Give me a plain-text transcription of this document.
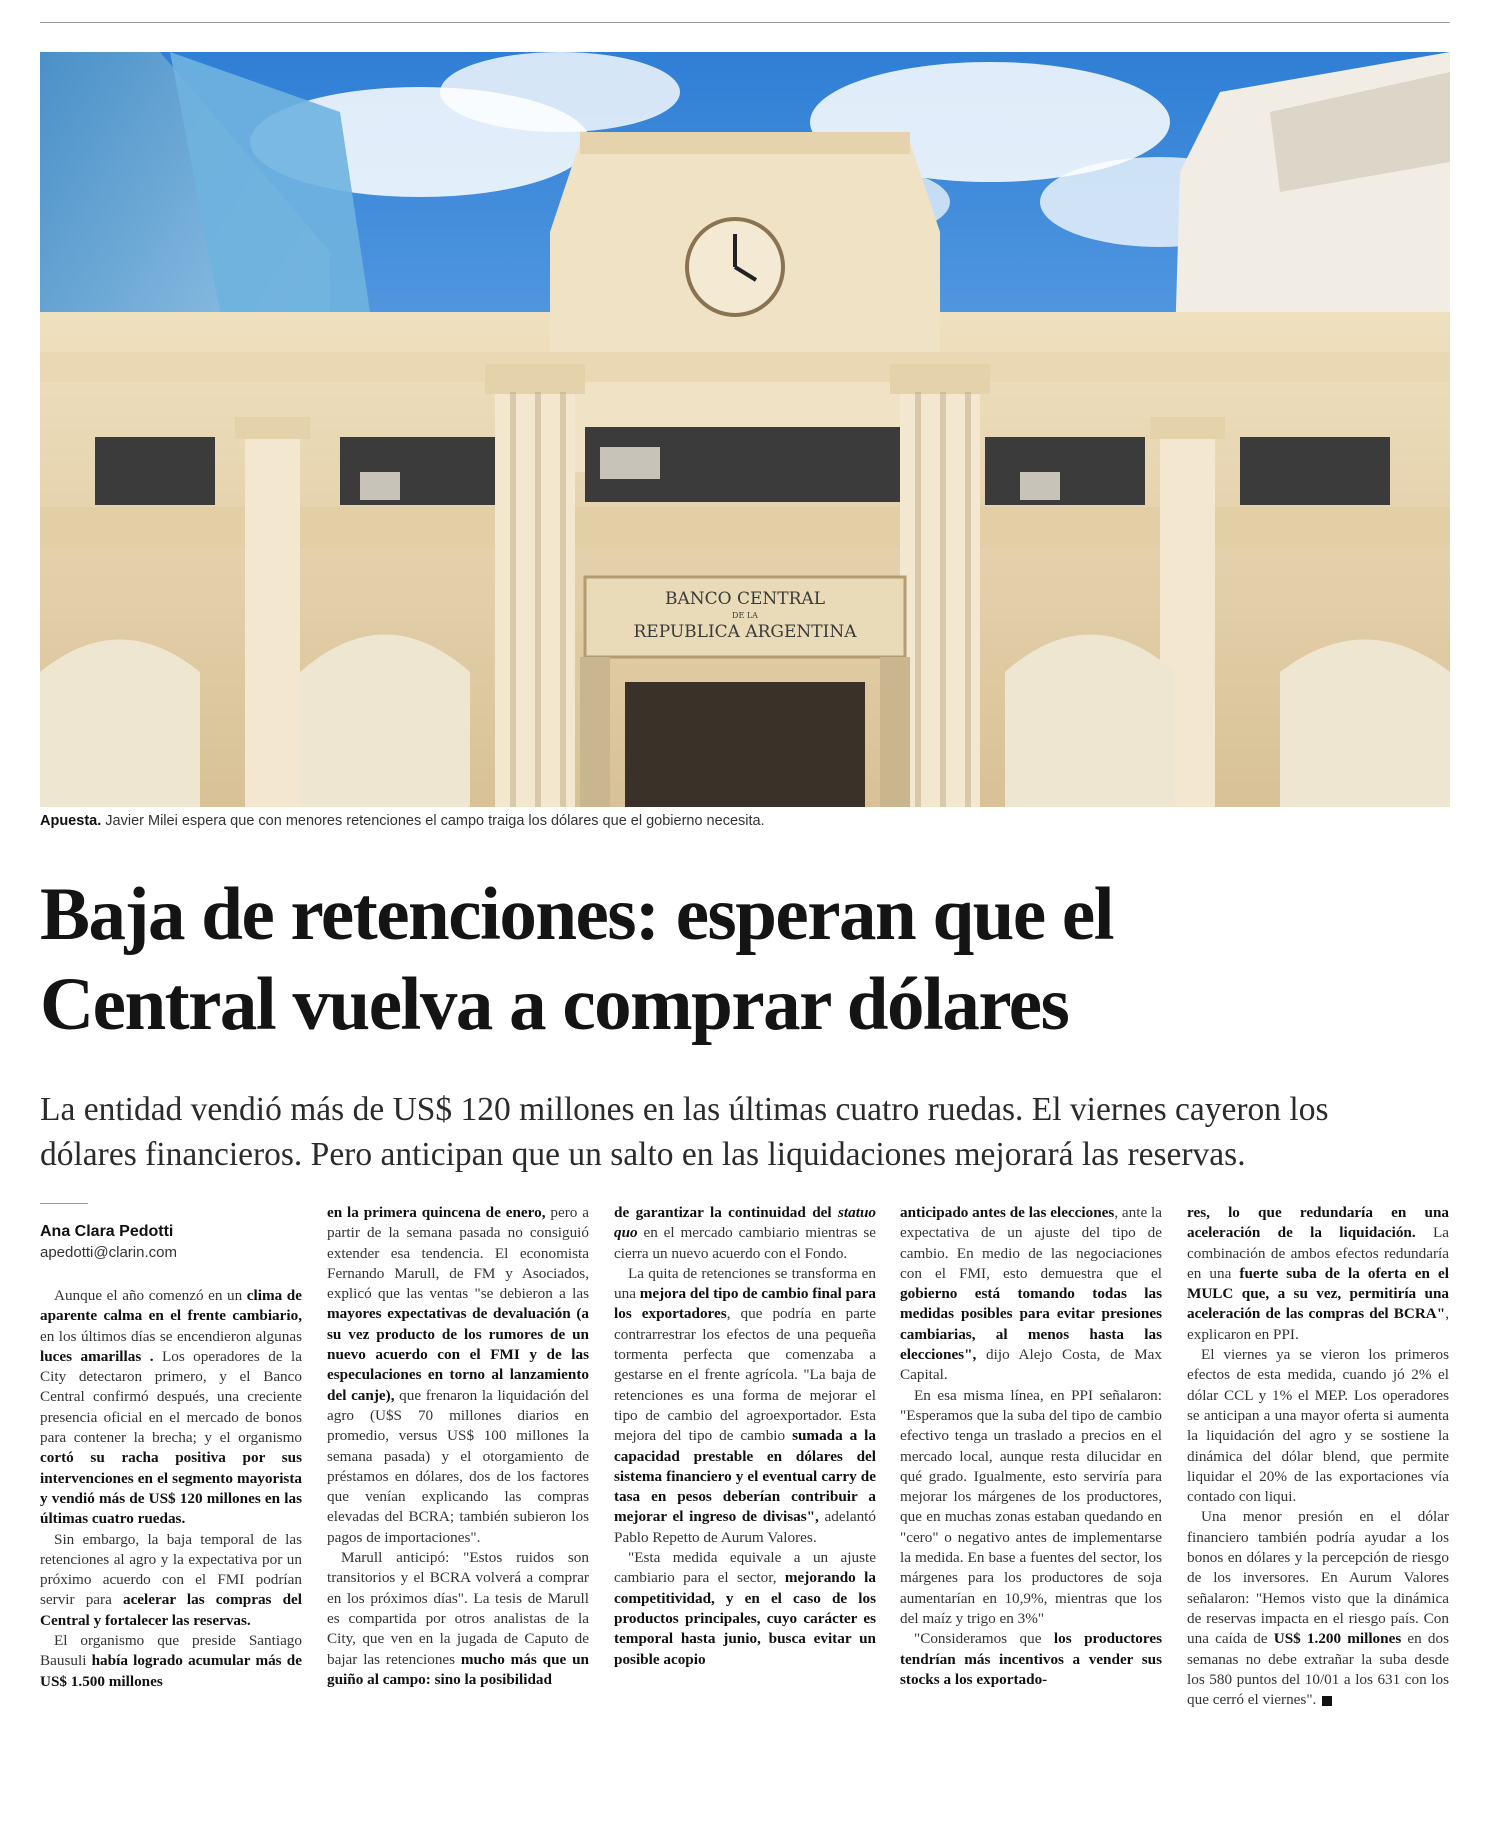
BANCO CENTRAL
DE LA
REPUBLICA ARGENTINA
Apuesta. Javier Milei espera que con menores retenciones el campo traiga los dólares que el gobierno necesita.
Baja de retenciones: esperan que el
Central vuelva a comprar dólares
La entidad vendió más de US$ 120 millones en las últimas cuatro ruedas. El viernes cayeron los
dólares financieros. Pero anticipan que un salto en las liquidaciones mejorará las reservas.
Ana Clara Pedotti
apedotti@clarin.com

Aunque el año comenzó en un clima de aparente calma en el frente cambiario, en los últimos días se encendieron algunas luces amarillas . Los operadores de la City detectaron primero, y el Banco Central confirmó después, una creciente presencia oficial en el mercado de bonos para contener la brecha; y el organismo cortó su racha positiva por sus intervenciones en el segmento mayorista y vendió más de US$ 120 millones en las últimas cuatro ruedas.

Sin embargo, la baja temporal de las retenciones al agro y la expectativa por un próximo acuerdo con el FMI podrían servir para acelerar las compras del Central y fortalecer las reservas.

El organismo que preside Santiago Bausuli había logrado acumular más de US$ 1.500 millones

en la primera quincena de enero, pero a partir de la semana pasada no consiguió extender esa tendencia. El economista Fernando Marull, de FM y Asociados, explicó que las ventas "se debieron a las mayores expectativas de devaluación (a su vez producto de los rumores de un nuevo acuerdo con el FMI y de las especulaciones en torno al lanzamiento del canje), que frenaron la liquidación del agro (U$S 70 millones diarios en promedio, versus US$ 100 millones la semana pasada) y el otorgamiento de préstamos en dólares, dos de los factores que venían explicando las compras elevadas del BCRA; también subieron los pagos de importaciones".

Marull anticipó: "Estos ruidos son transitorios y el BCRA volverá a comprar en los próximos días". La tesis de Marull es compartida por otros analistas de la City, que ven en la jugada de Caputo de bajar las retenciones mucho más que un guiño al campo: sino la posibilidad

de garantizar la continuidad del statuo quo en el mercado cambiario mientras se cierra un nuevo acuerdo con el Fondo.

La quita de retenciones se transforma en una mejora del tipo de cambio final para los exportadores, que podría en parte contrarrestrar los efectos de una pequeña tormenta perfecta que comenzaba a gestarse en el frente agrícola. "La baja de retenciones es una forma de mejorar el tipo de cambio del agroexportador. Esta mejora del tipo de cambio sumada a la capacidad prestable en dólares del sistema financiero y el eventual carry de tasa en pesos deberían contribuir a mejorar el ingreso de divisas", adelantó Pablo Repetto de Aurum Valores.

"Esta medida equivale a un ajuste cambiario para el sector, mejorando la competitividad, y en el caso de los productos principales, cuyo carácter es temporal hasta junio, busca evitar un posible acopio

anticipado antes de las elecciones, ante la expectativa de un ajuste del tipo de cambio. En medio de las negociaciones con el FMI, esto demuestra que el gobierno está tomando todas las medidas posibles para evitar presiones cambiarias, al menos hasta las elecciones", dijo Alejo Costa, de Max Capital.

En esa misma línea, en PPI señalaron: "Esperamos que la suba del tipo de cambio efectivo tenga un traslado a precios en el mercado local, aunque resta dilucidar en qué grado. Igualmente, esto serviría para mejorar los márgenes de los productores, que en muchas zonas estaban quedando en "cero" o negativo antes de implementarse la medida. En base a fuentes del sector, los márgenes para los productores de soja aumentarían en 10,9%, mientras que los del maíz y trigo en 3%"

"Consideramos que los productores tendrían más incentivos a vender sus stocks a los exportado-

res, lo que redundaría en una aceleración de la liquidación. La combinación de ambos efectos redundaría en una fuerte suba de la oferta en el MULC que, a su vez, permitiría una aceleración de las compras del BCRA", explicaron en PPI.

El viernes ya se vieron los primeros efectos de esta medida, cuando jó 2% el dólar CCL y 1% el MEP. Los operadores se anticipan a una mayor oferta si aumenta la liquidación del agro y se sostiene la dinámica del dólar blend, que permite liquidar el 20% de las exportaciones vía contado con liqui.

Una menor presión en el dólar financiero también podría ayudar a los bonos en dólares y la percepción de riesgo de los inversores. En Aurum Valores señalaron: "Hemos visto que la dinámica de reservas impacta en el riesgo país. Con una caída de US$ 1.200 millones en dos semanas no debe extrañar la suba desde los 580 puntos del 10/01 a los 631 con los que cerró el viernes".
